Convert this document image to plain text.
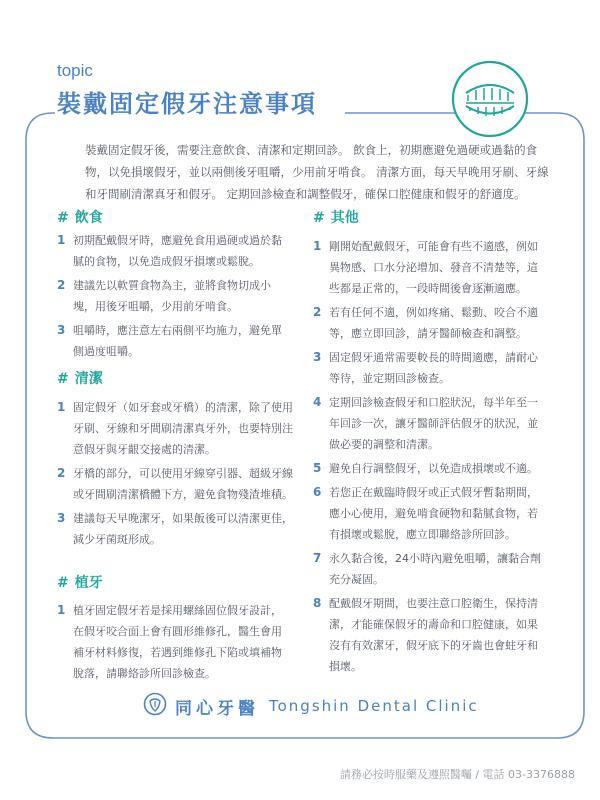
topic
裝戴固定假牙注意事項

裝戴固定假牙後，需要注意飲食、清潔和定期回診。 飲食上，初期應避免過硬或過黏的食物，以免損壞假牙，並以兩側後牙咀嚼，少用前牙啃食。 清潔方面，每天早晚用牙刷、牙線和牙間刷清潔真牙和假牙。 定期回診檢查和調整假牙，確保口腔健康和假牙的舒適度。

# 飲食
1 初期配戴假牙時，應避免食用過硬或過於黏膩的食物，以免造成假牙損壞或鬆脫。
2 建議先以軟質食物為主，並將食物切成小塊，用後牙咀嚼，少用前牙啃食。
3 咀嚼時，應注意左右兩側平均施力，避免單側過度咀嚼。
# 清潔
1 固定假牙（如牙套或牙橋）的清潔，除了使用牙刷、牙線和牙間刷清潔真牙外，也要特別注意假牙與牙齦交接處的清潔。
2 牙橋的部分，可以使用牙線穿引器、超級牙線或牙間刷清潔橋體下方，避免食物殘渣堆積。
3 建議每天早晚潔牙，如果飯後可以清潔更佳，減少牙菌斑形成。
# 植牙
1 植牙固定假牙若是採用螺絲固位假牙設計，在假牙咬合面上會有圓形維修孔，醫生會用補牙材料修復，若遇到維修孔下陷或填補物脫落，請聯絡診所回診檢查。
# 其他
1 剛開始配戴假牙，可能會有些不適感，例如異物感、口水分泌增加、發音不清楚等，這些都是正常的，一段時間後會逐漸適應。
2 若有任何不適，例如疼痛、鬆動、咬合不適等，應立即回診，請牙醫師檢查和調整。
3 固定假牙通常需要較長的時間適應，請耐心等待，並定期回診檢查。
4 定期回診檢查假牙和口腔狀況，每半年至一年回診一次，讓牙醫師評估假牙的狀況，並做必要的調整和清潔。
5 避免自行調整假牙，以免造成損壞或不適。
6 若您正在戴臨時假牙或正式假牙暫黏期間，應小心使用，避免啃食硬物和黏膩食物，若有損壞或鬆脫，應立即聯絡診所回診。
7 永久黏合後，24小時內避免咀嚼，讓黏合劑充分凝固。
8 配戴假牙期間，也要注意口腔衛生，保持清潔，才能確保假牙的壽命和口腔健康，如果沒有有效潔牙，假牙底下的牙齒也會蛀牙和損壞。
同心牙醫 Tongshin Dental Clinic
請務必按時服藥及遵照醫囑 / 電話 03-3376888
